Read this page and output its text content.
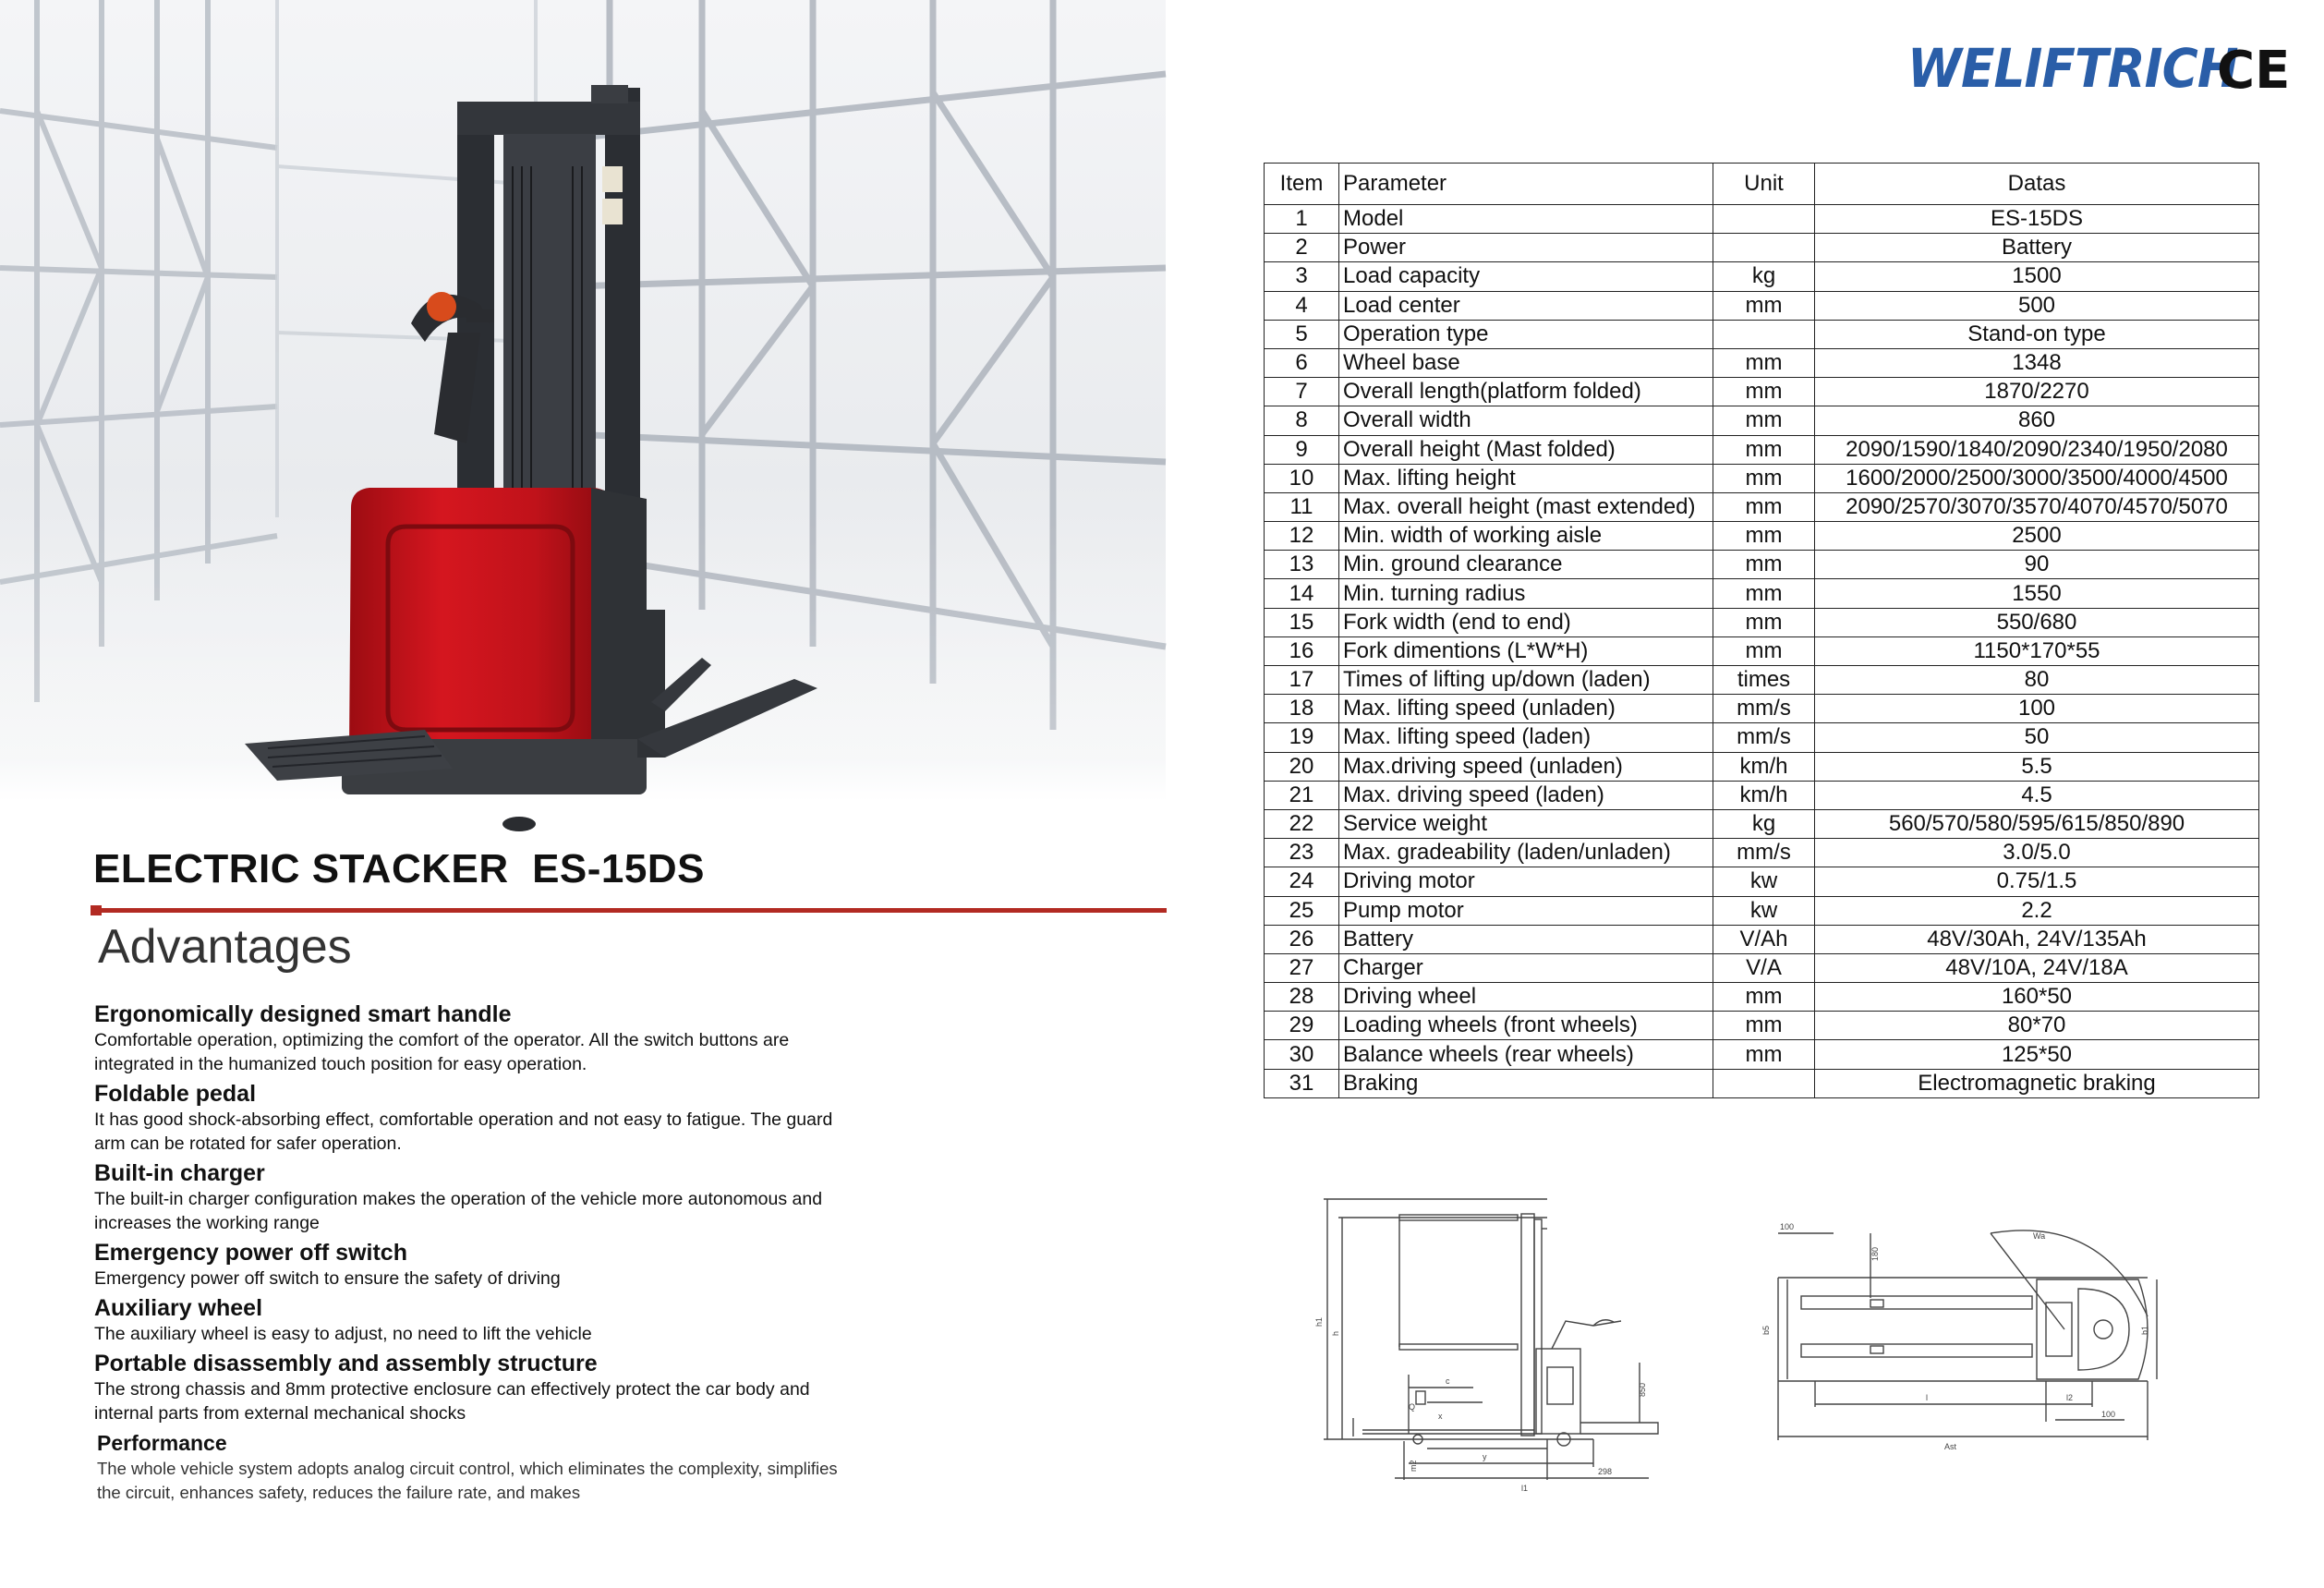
WELIFTRICH
CE
ELECTRIC STACKER  ES-15DS
Advantages
Ergonomically designed smart handle
Comfortable operation, optimizing the comfort of the operator. All the switch buttons are integrated in the humanized touch position for easy operation.
Foldable pedal
It has good shock-absorbing effect, comfortable operation and not easy to fatigue. The guard arm can be rotated for safer operation.
Built-in charger
The built-in charger configuration makes the operation of the vehicle more autonomous and increases the working range
Emergency power off switch
Emergency power off switch to ensure the safety of driving
Auxiliary wheel
The auxiliary wheel is easy to adjust, no need to lift the vehicle
Portable disassembly and assembly structure
The strong chassis and 8mm protective enclosure can effectively protect the car body and internal parts from external mechanical shocks
Performance
The whole vehicle system adopts analog circuit control, which eliminates the complexity, simplifies the circuit, enhances safety, reduces the failure rate, and makes
Item	Parameter	Unit	Datas
1	Model		ES-15DS
2	Power		Battery
3	Load capacity	kg	1500
4	Load center	mm	500
5	Operation type		Stand-on type
6	Wheel base	mm	1348
7	Overall length(platform folded)	mm	1870/2270
8	Overall width	mm	860
9	Overall height (Mast folded)	mm	2090/1590/1840/2090/2340/1950/2080
10	Max. lifting height	mm	1600/2000/2500/3000/3500/4000/4500
11	Max. overall height (mast extended)	mm	2090/2570/3070/3570/4070/4570/5070
12	Min. width of working aisle	mm	2500
13	Min. ground clearance	mm	90
14	Min. turning radius	mm	1550
15	Fork width (end to end)	mm	550/680
16	Fork dimentions (L*W*H)	mm	1150*170*55
17	Times of lifting up/down (laden)	times	80
18	Max. lifting speed (unladen)	mm/s	100
19	Max. lifting speed (laden)	mm/s	50
20	Max.driving speed (unladen)	km/h	5.5
21	Max. driving speed (laden)	km/h	4.5
22	Service weight	kg	560/570/580/595/615/850/890
23	Max. gradeability (laden/unladen)	mm/s	3.0/5.0
24	Driving motor	kw	0.75/1.5
25	Pump motor	kw	2.2
26	Battery	V/Ah	48V/30Ah, 24V/135Ah
27	Charger	V/A	48V/10A, 24V/18A
28	Driving wheel	mm	160*50
29	Loading wheels (front wheels)	mm	80*70
30	Balance wheels (rear wheels)	mm	125*50
31	Braking		Electromagnetic braking
h1
h
c
Q
x
y
850
l1
298
m2
100
180
Wa
b5	b1
l	l2
100
Ast
